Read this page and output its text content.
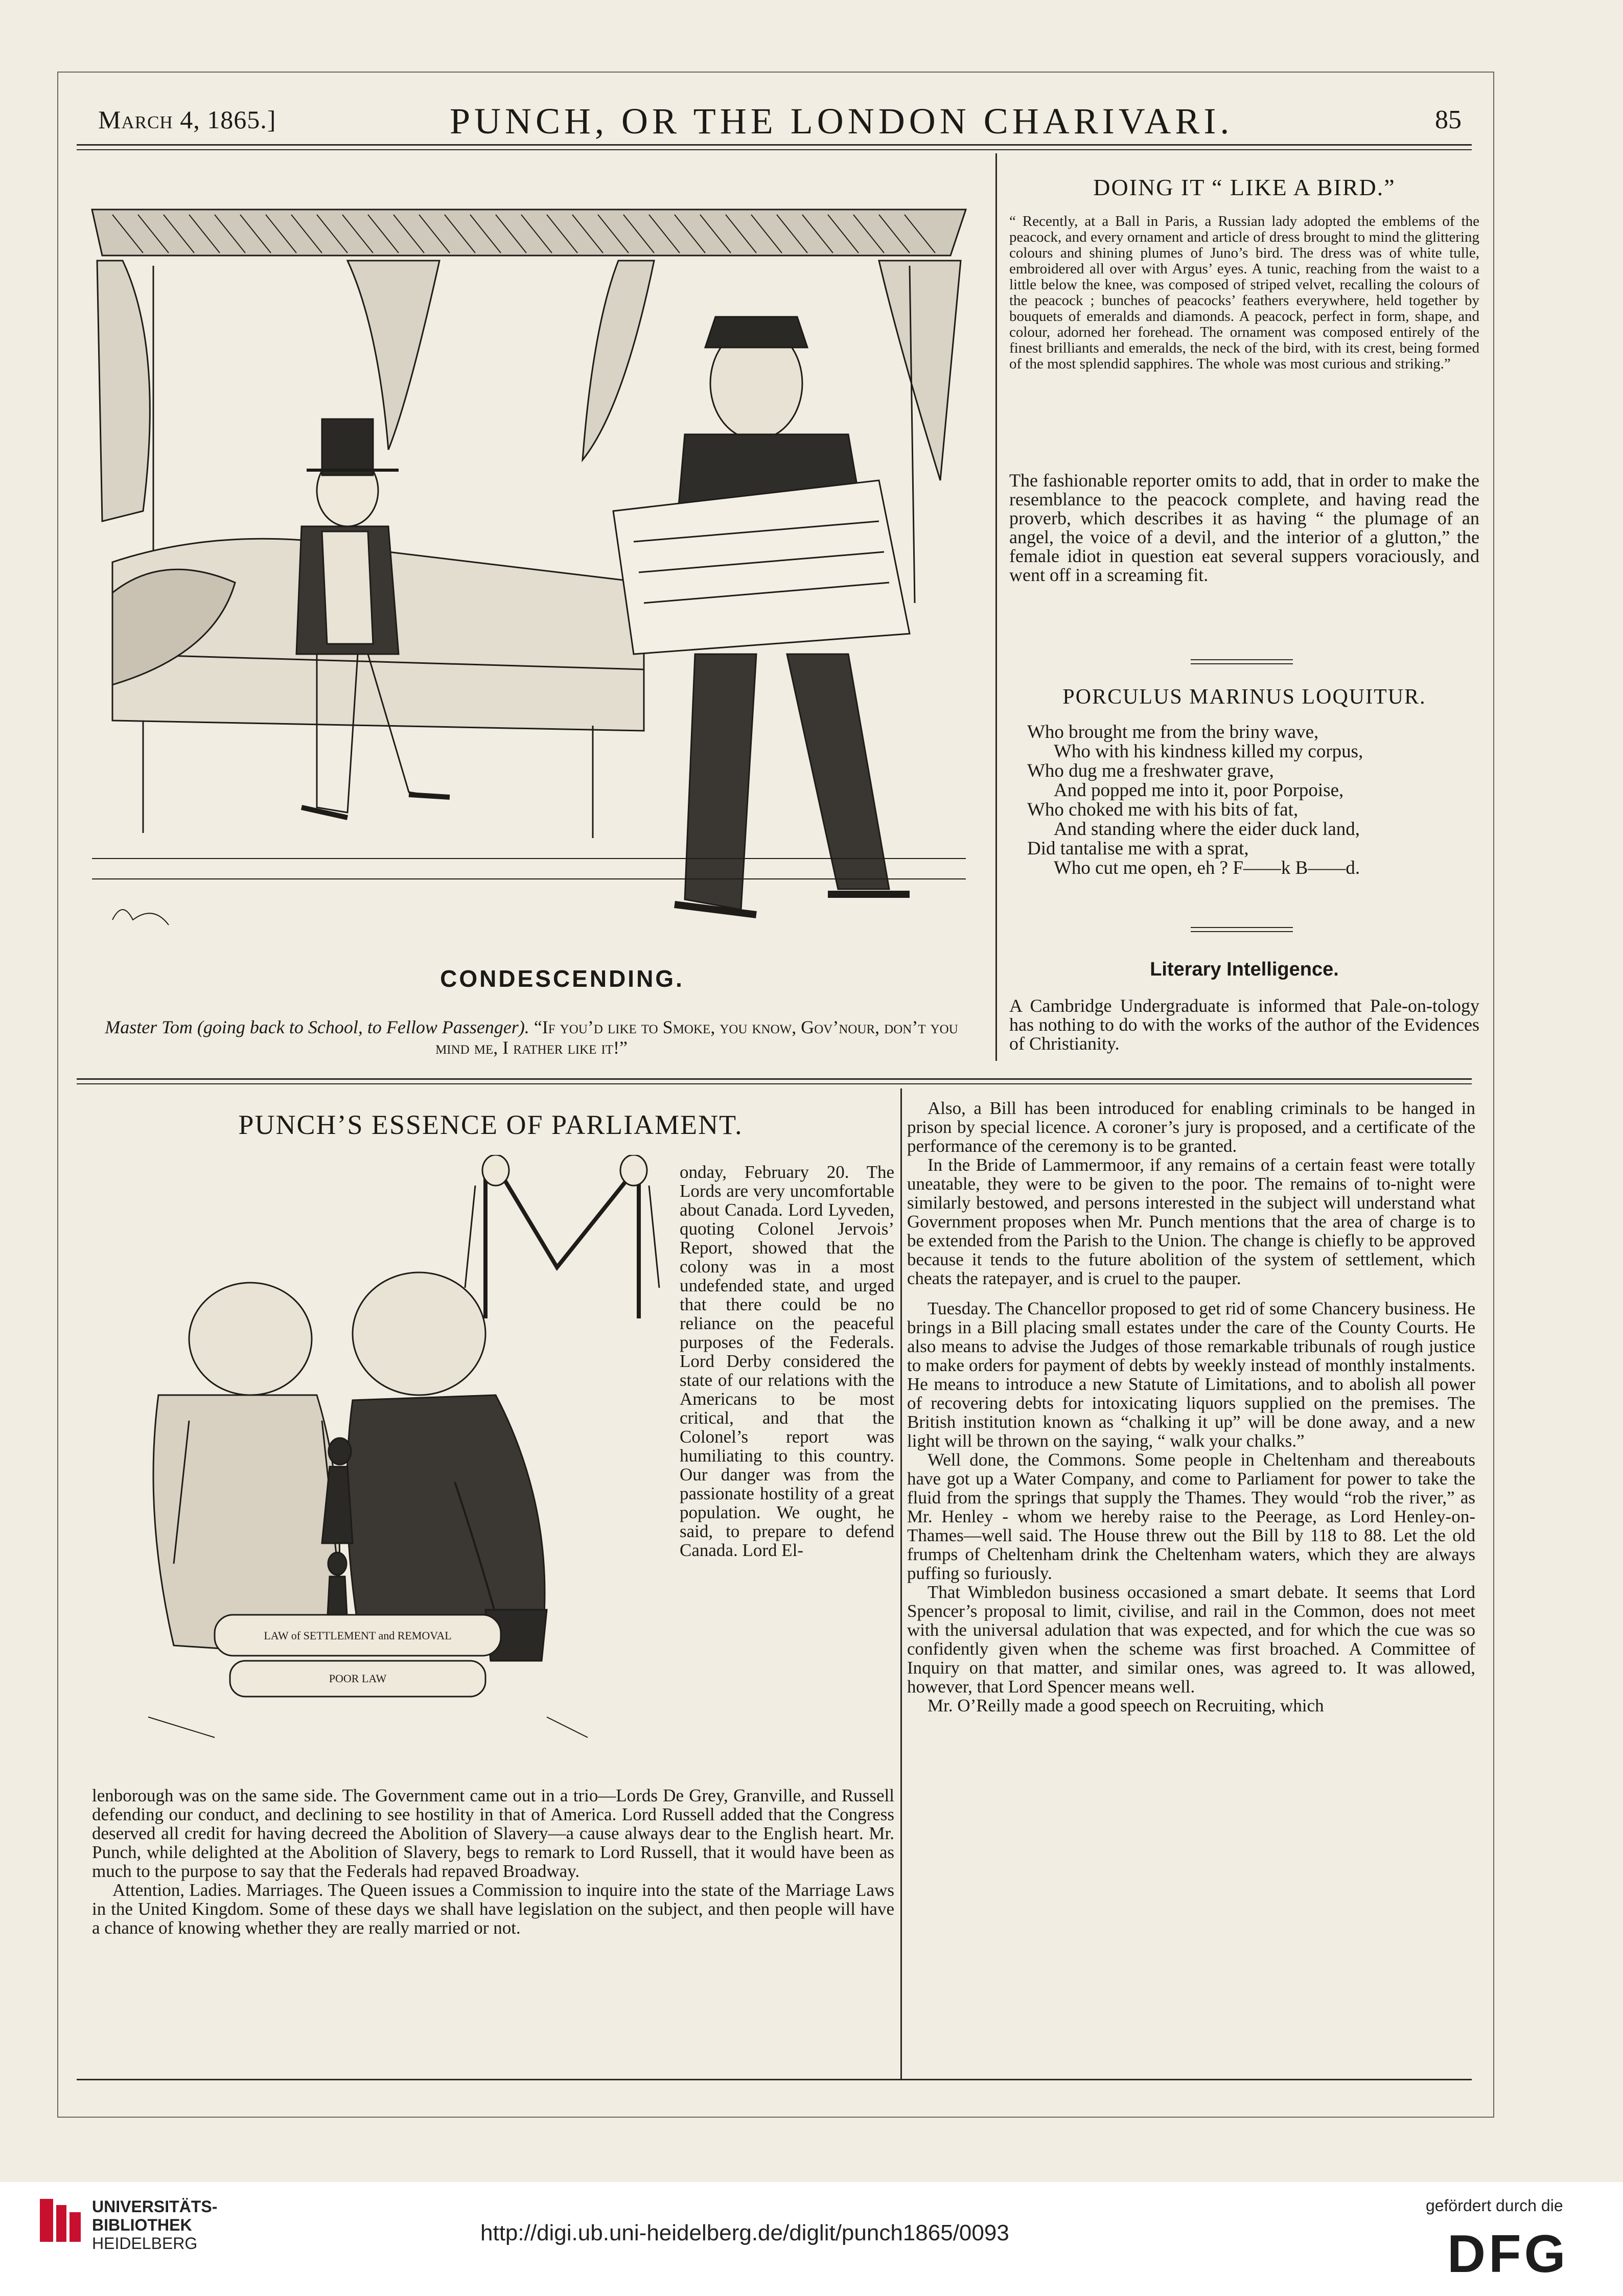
March 4, 1865.]	PUNCH, OR THE LONDON CHARIVARI.	85
CONDESCENDING.
Master Tom (going back to School, to Fellow Passenger). “If you’d like to Smoke, you know, Gov’nour, don’t you mind me, I rather like it!”
DOING IT “ LIKE A BIRD.”
“ Recently, at a Ball in Paris, a Russian lady adopted the emblems of the peacock, and every ornament and article of dress brought to mind the glittering colours and shining plumes of Juno’s bird. The dress was of white tulle, embroidered all over with Argus’ eyes. A tunic, reaching from the waist to a little below the knee, was composed of striped velvet, recalling the colours of the peacock ; bunches of peacocks’ feathers everywhere, held together by bouquets of emeralds and diamonds. A peacock, perfect in form, shape, and colour, adorned her forehead. The ornament was composed entirely of the finest brilliants and emeralds, the neck of the bird, with its crest, being formed of the most splendid sapphires. The whole was most curious and striking.”
The fashionable reporter omits to add, that in order to make the resemblance to the peacock complete, and having read the proverb, which describes it as having “ the plumage of an angel, the voice of a devil, and the interior of a glutton,” the female idiot in question eat several suppers voraciously, and went off in a screaming fit.
PORCULUS MARINUS LOQUITUR.
Who brought me from the briny wave,
Who with his kindness killed my corpus,
Who dug me a freshwater grave,
And popped me into it, poor Porpoise,
Who choked me with his bits of fat,
And standing where the eider duck land,
Did tantalise me with a sprat,
Who cut me open, eh ? F——k B——d.
Literary Intelligence.
A Cambridge Undergraduate is informed that Pale-on-tology has nothing to do with the works of the author of the Evidences of Christianity.
PUNCH’S ESSENCE OF PARLIAMENT.
LAW of SETTLEMENT and REMOVAL
POOR LAW
onday, February 20. The Lords are very uncomfortable about Canada. Lord Lyveden, quoting Colonel Jervois’ Report, showed that the colony was in a most undefended state, and urged that there could be no reliance on the peaceful purposes of the Federals. Lord Derby considered the state of our relations with the Americans to be most critical, and that the Colonel’s report was humiliating to this country. Our danger was from the passionate hostility of a great population. We ought, he said, to prepare to defend Canada. Lord El-
lenborough was on the same side. The Government came out in a trio—Lords De Grey, Granville, and Russell defending our conduct, and declining to see hostility in that of America. Lord Russell added that the Congress deserved all credit for having decreed the Abolition of Slavery—a cause always dear to the English heart. Mr. Punch, while delighted at the Abolition of Slavery, begs to remark to Lord Russell, that it would have been as much to the purpose to say that the Federals had repaved Broadway.
Attention, Ladies. Marriages. The Queen issues a Commission to inquire into the state of the Marriage Laws in the United Kingdom. Some of these days we shall have legislation on the subject, and then people will have a chance of knowing whether they are really married or not.
Also, a Bill has been introduced for enabling criminals to be hanged in prison by special licence. A coroner’s jury is proposed, and a certificate of the performance of the ceremony is to be granted.
In the Bride of Lammermoor, if any remains of a certain feast were totally uneatable, they were to be given to the poor. The remains of to-night were similarly bestowed, and persons interested in the subject will understand what Government proposes when Mr. Punch mentions that the area of charge is to be extended from the Parish to the Union. The change is chiefly to be approved because it tends to the future abolition of the system of settlement, which cheats the ratepayer, and is cruel to the pauper.
Tuesday. The Chancellor proposed to get rid of some Chancery business. He brings in a Bill placing small estates under the care of the County Courts. He also means to advise the Judges of those remarkable tribunals of rough justice to make orders for payment of debts by weekly instead of monthly instalments. He means to introduce a new Statute of Limitations, and to abolish all power of recovering debts for intoxicating liquors supplied on the premises. The British institution known as “chalking it up” will be done away, and a new light will be thrown on the saying, “ walk your chalks.”
Well done, the Commons. Some people in Cheltenham and thereabouts have got up a Water Company, and come to Parliament for power to take the fluid from the springs that supply the Thames. They would “rob the river,” as Mr. Henley - whom we hereby raise to the Peerage, as Lord Henley-on-Thames—well said. The House threw out the Bill by 118 to 88. Let the old frumps of Cheltenham drink the Cheltenham waters, which they are always puffing so furiously.
That Wimbledon business occasioned a smart debate. It seems that Lord Spencer’s proposal to limit, civilise, and rail in the Common, does not meet with the universal adulation that was expected, and for which the cue was so confidently given when the scheme was first broached. A Committee of Inquiry on that matter, and similar ones, was agreed to. It was allowed, however, that Lord Spencer means well.
Mr. O’Reilly made a good speech on Recruiting, which
UNIVERSITÄTS-
BIBLIOTHEK
HEIDELBERG	http://digi.ub.uni-heidelberg.de/diglit/punch1865/0093
gefördert durch die
DFG
